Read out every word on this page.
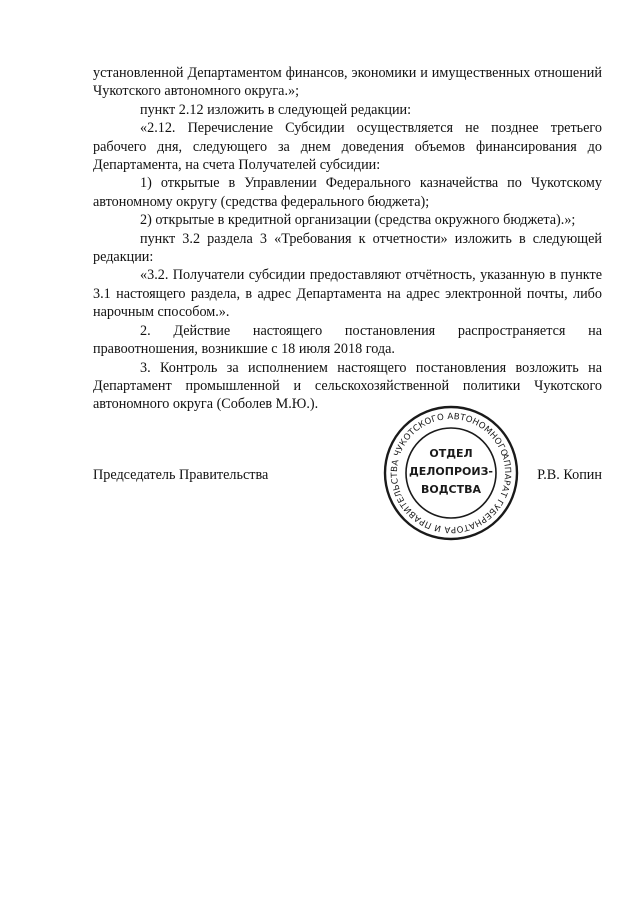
установленной Департаментом финансов, экономики и имущественных отношений Чукотского автономного округа.»;

пункт 2.12 изложить в следующей редакции:

«2.12. Перечисление Субсидии осуществляется не позднее третьего рабочего дня, следующего за днем доведения объемов финансирования до Департамента, на счета Получателей субсидии:

1) открытые в Управлении Федерального казначейства по Чукотскому автономному округу (средства федерального бюджета);

2) открытые в кредитной организации (средства окружного бюджета).»;

пункт 3.2 раздела 3 «Требования к отчетности» изложить в следующей редакции:

«3.2. Получатели субсидии предоставляют отчётность, указанную в пункте 3.1 настоящего раздела, в адрес Департамента на адрес электронной почты, либо нарочным способом.».

2. Действие настоящего постановления распространяется на правоотношения, возникшие с 18 июля 2018 года.

3. Контроль за исполнением настоящего постановления возложить на Департамент промышленной и сельскохозяйственной политики Чукотского автономного округа (Соболев М.Ю.).

Председатель Правительства
АППАРАТ ГУБЕРНАТОРА И ПРАВИТЕЛЬСТВА ЧУКОТСКОГО АВТОНОМНОГО
ОТДЕЛ
ДЕЛОПРОИЗ-
ВОДСТВА
Р.В. Копин
